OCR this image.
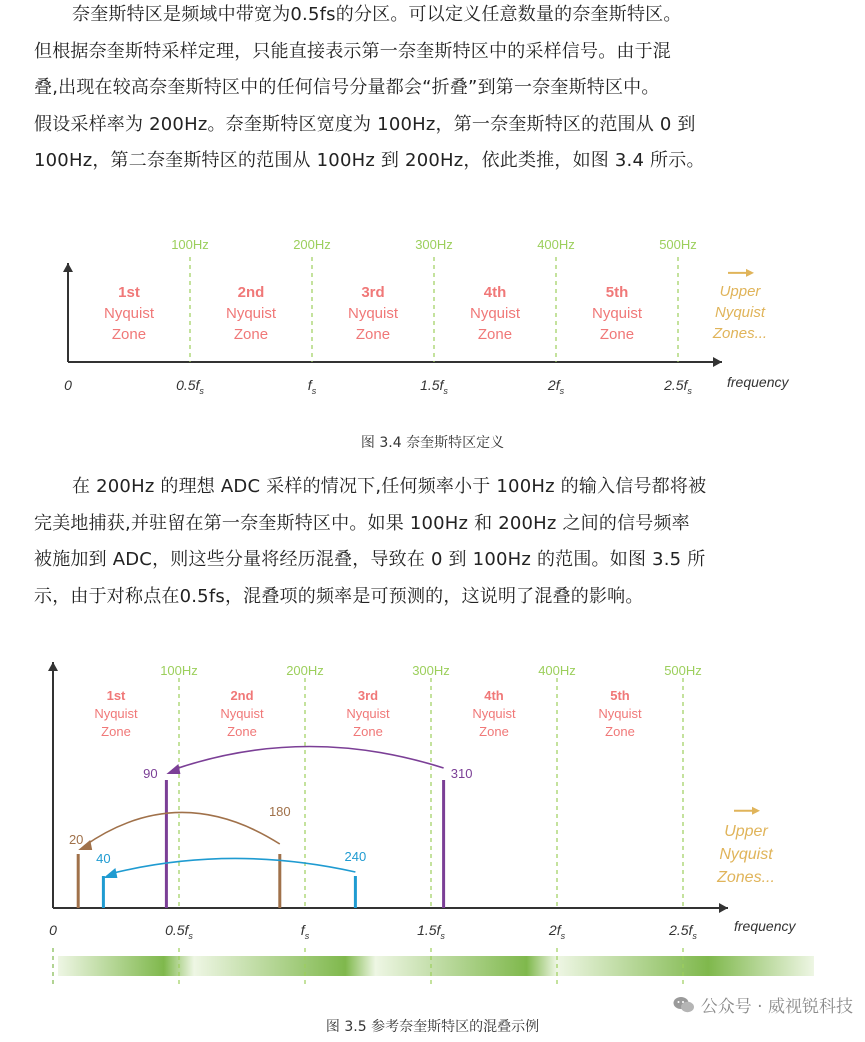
奈奎斯特区是频域中带宽为0.5fs的分区。可以定义任意数量的奈奎斯特区。
但根据奈奎斯特采样定理，只能直接表示第一奈奎斯特区中的采样信号。由于混
叠,出现在较高奈奎斯特区中的任何信号分量都会“折叠”到第一奈奎斯特区中。
假设采样率为 200Hz。奈奎斯特区宽度为 100Hz，第一奈奎斯特区的范围从 0 到
100Hz，第二奈奎斯特区的范围从 100Hz 到 200Hz，依此类推，如图 3.4 所示。
100Hz	200Hz	300Hz	400Hz	500Hz
0	$0.5f_s$	$f_s$	$1.5f_s$	$2f_s$	$2.5f_s$
frequency
1st
Nyquist
Zone
2nd
Nyquist
Zone
3rd
Nyquist
Zone
4th
Nyquist
Zone
5th
Nyquist
Zone
Upper
Nyquist
Zones...
图 3.4 奈奎斯特区定义
在 200Hz 的理想 ADC 采样的情况下,任何频率小于 100Hz 的输入信号都将被
完美地捕获,并驻留在第一奈奎斯特区中。如果 100Hz 和 200Hz 之间的信号频率
被施加到 ADC，则这些分量将经历混叠，导致在 0 到 100Hz 的范围。如图 3.5 所
示，由于对称点在0.5fs，混叠项的频率是可预测的，这说明了混叠的影响。
100Hz	200Hz	300Hz	400Hz	500Hz
0	$0.5f_s$	$f_s$	$1.5f_s$	$2f_s$	$2.5f_s$
frequency
1st
Nyquist
Zone
2nd
Nyquist
Zone
3rd
Nyquist
Zone
4th
Nyquist
Zone
5th
Nyquist
Zone
Upper
Nyquist
Zones...
20
180
40	240
90	310
图 3.5 参考奈奎斯特区的混叠示例
公众号 · 威视锐科技
